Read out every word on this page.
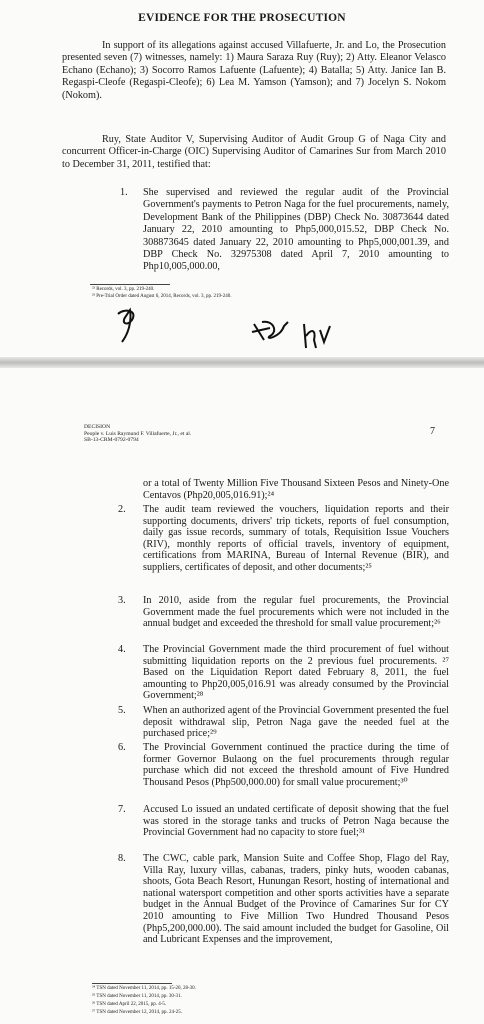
EVIDENCE FOR THE PROSECUTION

In support of its allegations against accused Villafuerte, Jr. and Lo, the Prosecution presented seven (7) witnesses, namely: 1) Maura Saraza Ruy (Ruy); 2) Atty. Eleanor Velasco Echano (Echano); 3) Socorro Ramos Lafuente (Lafuente); 4) Batalla; 5) Atty. Janice Ian B. Regaspi-Cleofe (Regaspi-Cleofe); 6) Lea M. Yamson (Yamson); and 7) Jocelyn S. Nokom (Nokom).

Ruy, State Auditor V, Supervising Auditor of Audit Group G of Naga City and concurrent Officer-in-Charge (OIC) Supervising Auditor of Camarines Sur from March 2010 to December 31, 2011, testified that:

1. She supervised and reviewed the regular audit of the Provincial Government's payments to Petron Naga for the fuel procurements, namely, Development Bank of the Philippines (DBP) Check No. 30873644 dated January 22, 2010 amounting to Php5,000,015.52, DBP Check No. 308873645 dated January 22, 2010 amounting to Php5,000,001.39, and DBP Check No. 32975308 dated April 7, 2010 amounting to Php10,005,000.00,

²² Records, vol. 3, pp. 219-240.

²³ Pre-Trial Order dated August 6, 2014, Records, vol. 3, pp. 219-240.

DECISION
People v. Luis Raymund F. Villafuerte, Jr., et al.
SB-13-CRM-0792-0794
7

or a total of Twenty Million Five Thousand Sixteen Pesos and Ninety-One Centavos (Php20,005,016.91);²⁴

2. The audit team reviewed the vouchers, liquidation reports and their supporting documents, drivers' trip tickets, reports of fuel consumption, daily gas issue records, summary of totals, Requisition Issue Vouchers (RIV), monthly reports of official travels, inventory of equipment, certifications from MARINA, Bureau of Internal Revenue (BIR), and suppliers, certificates of deposit, and other documents;²⁵

3. In 2010, aside from the regular fuel procurements, the Provincial Government made the fuel procurements which were not included in the annual budget and exceeded the threshold for small value procurement;²⁶

4. The Provincial Government made the third procurement of fuel without submitting liquidation reports on the 2 previous fuel procurements. ²⁷ Based on the Liquidation Report dated February 8, 2011, the fuel amounting to Php20,005,016.91 was already consumed by the Provincial Government;²⁸

5. When an authorized agent of the Provincial Government presented the fuel deposit withdrawal slip, Petron Naga gave the needed fuel at the purchased price;²⁹

6. The Provincial Government continued the practice during the time of former Governor Bulaong on the fuel procurements through regular purchase which did not exceed the threshold amount of Five Hundred Thousand Pesos (Php500,000.00) for small value procurement;³⁰

7. Accused Lo issued an undated certificate of deposit showing that the fuel was stored in the storage tanks and trucks of Petron Naga because the Provincial Government had no capacity to store fuel;³¹

8. The CWC, cable park, Mansion Suite and Coffee Shop, Flago del Ray, Villa Ray, luxury villas, cabanas, traders, pinky huts, wooden cabanas, shoots, Gota Beach Resort, Hunungan Resort, hosting of international and national watersport competition and other sports activities have a separate budget in the Annual Budget of the Province of Camarines Sur for CY 2010 amounting to Five Million Two Hundred Thousand Pesos (Php5,200,000.00). The said amount included the budget for Gasoline, Oil and Lubricant Expenses and the improvement,

²⁴ TSN dated November 11, 2014, pp. 15-20, 28-30.

²⁵ TSN dated November 11, 2014, pp. 30-31.

²⁶ TSN dated April 22, 2015, pp. 4-5.

²⁷ TSN dated November 12, 2014, pp. 24-25.
